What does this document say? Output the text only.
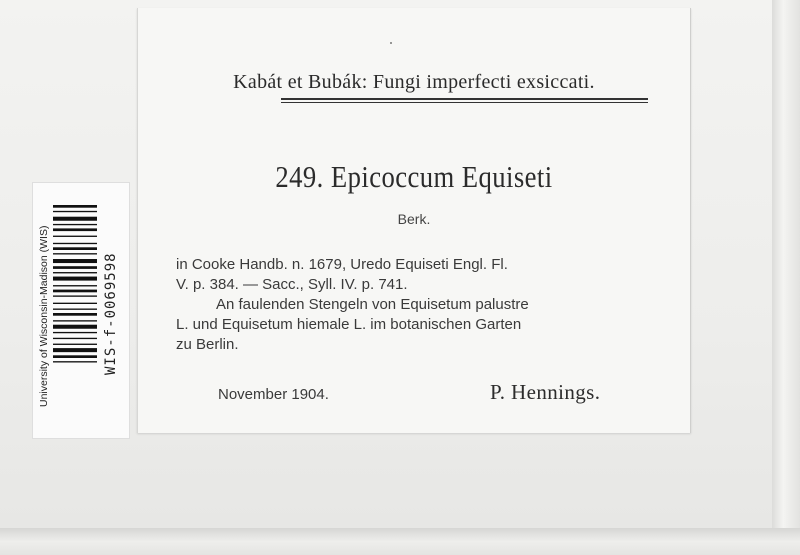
Kabát et Bubák: Fungi imperfecti exsiccati.
249. Epicoccum Equiseti
Berk.
in Cooke Handb. n. 1679, Uredo Equiseti Engl. Fl.
V. p. 384. — Sacc., Syll. IV. p. 741.
An faulenden Stengeln von Equisetum palustre
L. und Equisetum hiemale L. im botanischen Garten
zu Berlin.
November 1904.	P. Hennings.
University of Wisconsin-Madison (WIS)	WIS-f-0069598
